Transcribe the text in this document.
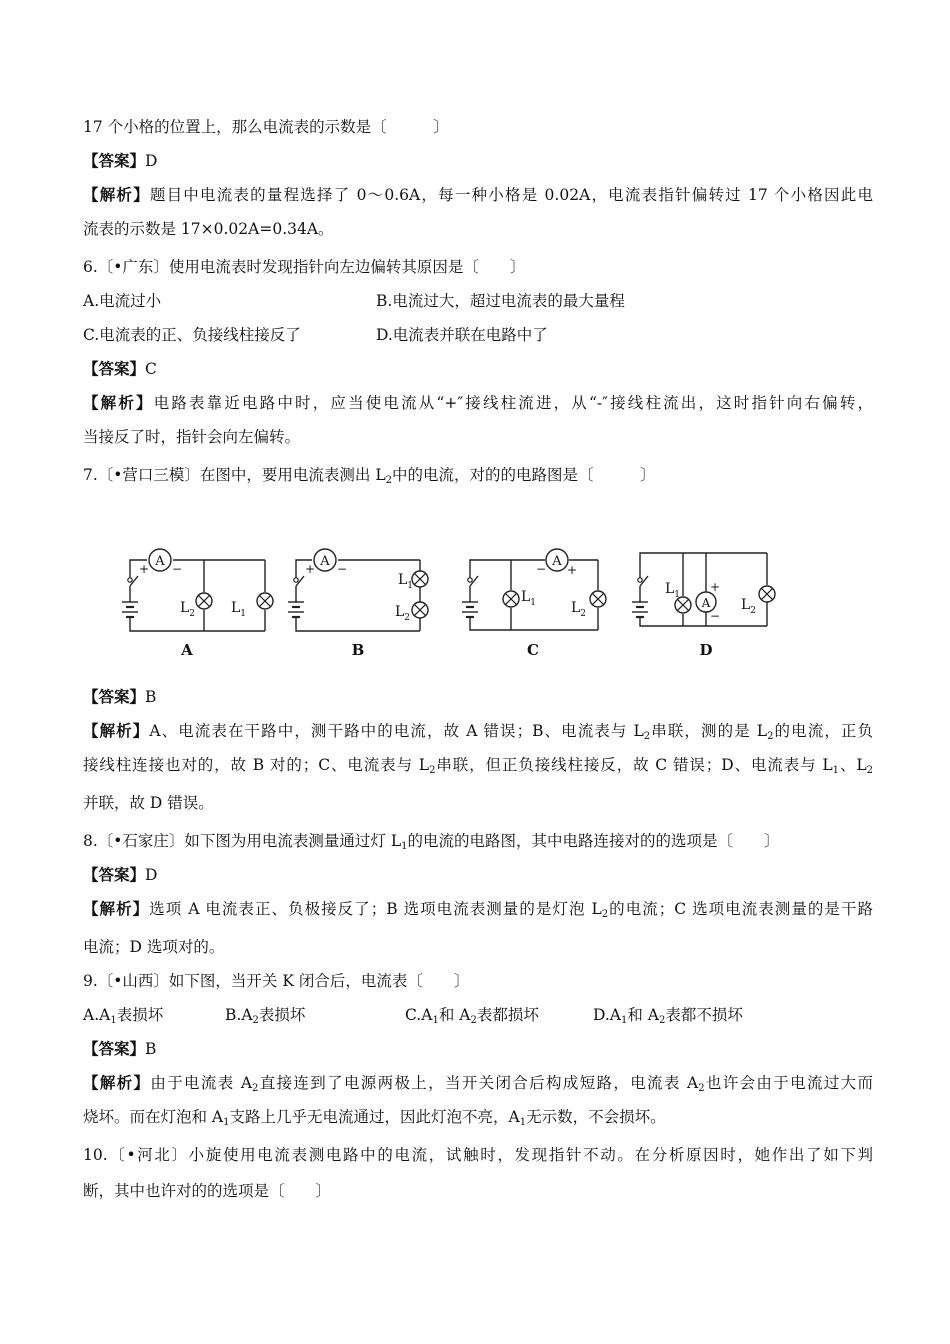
17 个小格的位置上，那么电流表的示数是〔　　　〕
【答案】D
【解析】题目中电流表的量程选择了 0～0.6A，每一种小格是 0.02A，电流表指针偏转过 17 个小格因此电
流表的示数是 17×0.02A=0.34A。
6.〔•广东〕使用电流表时发现指针向左边偏转其原因是〔　　〕
A.电流过小	B.电流过大，超过电流表的最大量程
C.电流表的正、负接线柱接反了	D.电流表并联在电路中了
【答案】C
【解析】电路表靠近电路中时，应当使电流从“+″接线柱流进，从“-″接线柱流出，这时指针向右偏转，
当接反了时，指针会向左偏转。
7.〔•营口三模〕在图中，要用电流表测出 $L_2$中的电流，对的的电路图是〔　　　〕
A	A	A
A
+ −	+ −	− +
+
−
$L_2$	$L_1$
$L_1$
$L_2$
$L_1$ $L_2$
$L_1$
$L_2$
A	B	C	D
【答案】B
【解析】A、电流表在干路中，测干路中的电流，故 A 错误；B、电流表与 $L_2$串联，测的是 $L_2$的电流，正负
接线柱连接也对的，故 B 对的；C、电流表与 $L_2$串联，但正负接线柱接反，故 C 错误；D、电流表与 $L_1$、$L_2$
并联，故 D 错误。
8.〔•石家庄〕如下图为用电流表测量通过灯 $L_1$的电流的电路图，其中电路连接对的的选项是〔　　〕
【答案】D
【解析】选项 A 电流表正、负极接反了；B 选项电流表测量的是灯泡 $L_2$的电流；C 选项电流表测量的是干路
电流；D 选项对的。
9.〔•山西〕如下图，当开关 K 闭合后，电流表〔　　〕
$A.A_1$表损坏	$B.A_2$表损坏	$C.A_1$和 $A_2$表都损坏	$D.A_1$和 $A_2$表都不损坏
【答案】B
【解析】由于电流表 $A_2$直接连到了电源两极上，当开关闭合后构成短路，电流表 $A_2$也许会由于电流过大而
烧坏。而在灯泡和 $A_1$支路上几乎无电流通过，因此灯泡不亮，$A_1$无示数，不会损坏。
10.〔•河北〕小旋使用电流表测电路中的电流，试触时，发现指针不动。在分析原因时，她作出了如下判
断，其中也许对的的选项是〔　　〕
